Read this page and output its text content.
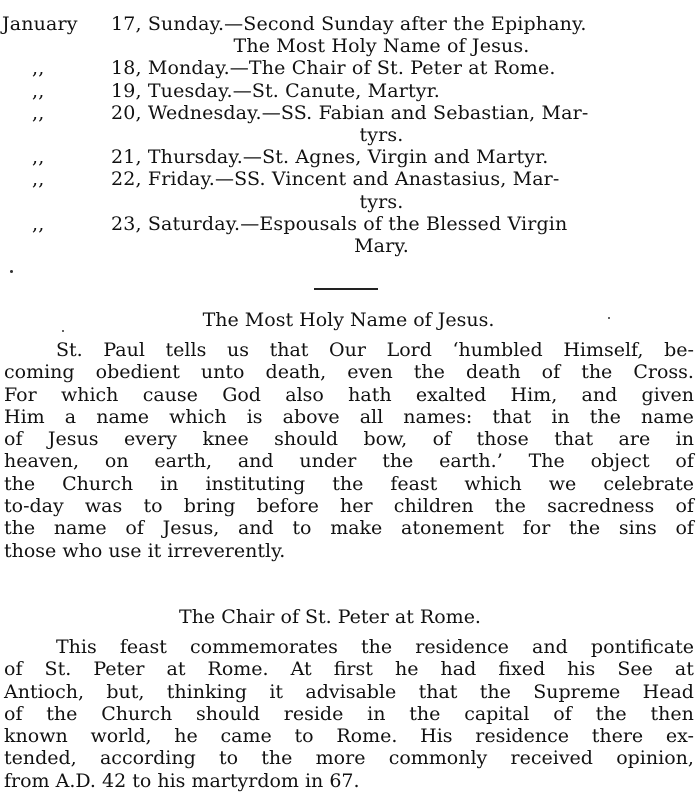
January	17, Sunday.—Second Sunday after the Epiphany.
The Most Holy Name of Jesus.
,,	18, Monday.—The Chair of St. Peter at Rome.
,,	19, Tuesday.—St. Canute, Martyr.
,,	20, Wednesday.—SS. Fabian and Sebastian, Mar-
tyrs.
,,	21, Thursday.—St. Agnes, Virgin and Martyr.
,,	22, Friday.—SS. Vincent and Anastasius, Mar-
tyrs.
,,	23, Saturday.—Espousals of the Blessed Virgin
Mary.
The Most Holy Name of Jesus.
St. Paul tells us that Our Lord ‘humbled Himself, be-
coming obedient unto death, even the death of the Cross.
For which cause God also hath exalted Him, and given
Him a name which is above all names: that in the name
of Jesus every knee should bow, of those that are in
heaven, on earth, and under the earth.’ The object of
the Church in instituting the feast which we celebrate
to-day was to bring before her children the sacredness of
the name of Jesus, and to make atonement for the sins of
those who use it irreverently.
The Chair of St. Peter at Rome.
This feast commemorates the residence and pontificate
of St. Peter at Rome. At first he had fixed his See at
Antioch, but, thinking it advisable that the Supreme Head
of the Church should reside in the capital of the then
known world, he came to Rome. His residence there ex-
tended, according to the more commonly received opinion,
from A.D. 42 to his martyrdom in 67.
